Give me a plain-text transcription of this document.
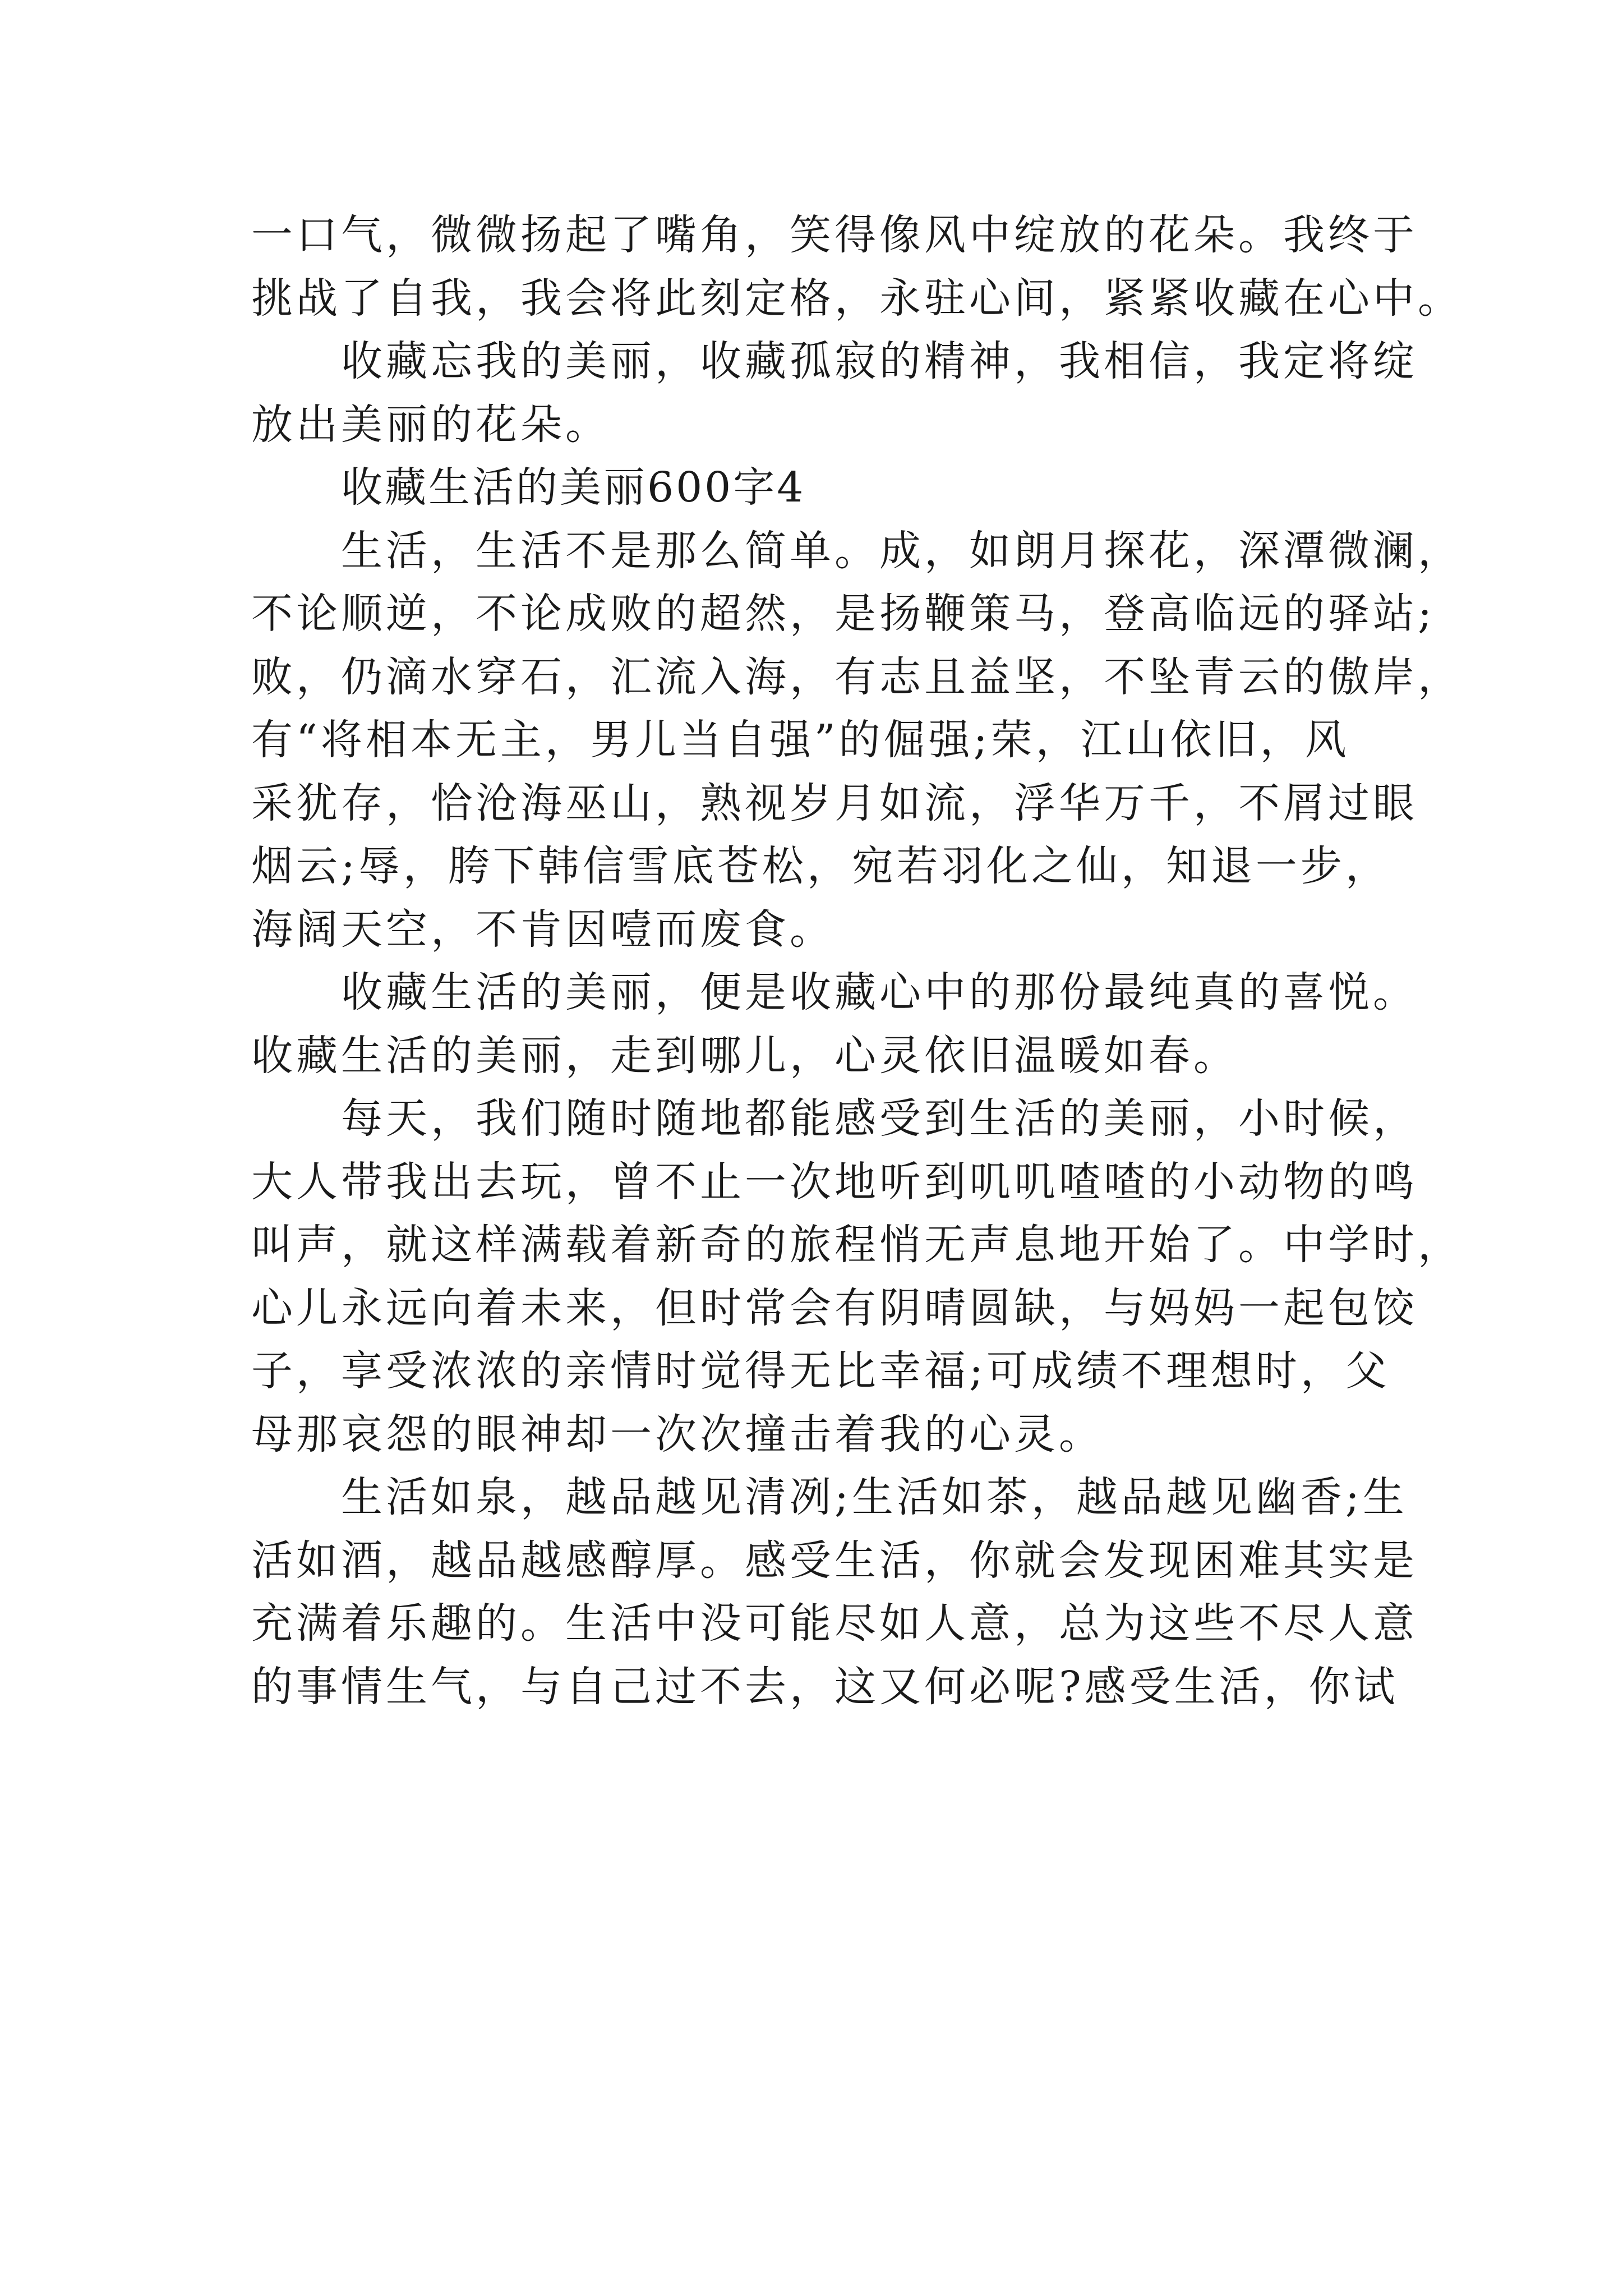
一口气，微微扬起了嘴角，笑得像风中绽放的花朵。我终于
挑战了自我，我会将此刻定格，永驻心间，紧紧收藏在心中。
收藏忘我的美丽，收藏孤寂的精神，我相信，我定将绽
放出美丽的花朵。
收藏生活的美丽600字4
生活，生活不是那么简单。成，如朗月探花，深潭微澜，
不论顺逆，不论成败的超然，是扬鞭策马，登高临远的驿站;
败，仍滴水穿石，汇流入海，有志且益坚，不坠青云的傲岸，
有“将相本无主，男儿当自强”的倔强;荣，江山依旧，风
采犹存，恰沧海巫山，熟视岁月如流，浮华万千，不屑过眼
烟云;辱，胯下韩信雪底苍松，宛若羽化之仙，知退一步，
海阔天空，不肯因噎而废食。
收藏生活的美丽，便是收藏心中的那份最纯真的喜悦。
收藏生活的美丽，走到哪儿，心灵依旧温暖如春。
每天，我们随时随地都能感受到生活的美丽，小时候，
大人带我出去玩，曾不止一次地听到叽叽喳喳的小动物的鸣
叫声，就这样满载着新奇的旅程悄无声息地开始了。中学时，
心儿永远向着未来，但时常会有阴晴圆缺，与妈妈一起包饺
子，享受浓浓的亲情时觉得无比幸福;可成绩不理想时，父
母那哀怨的眼神却一次次撞击着我的心灵。
生活如泉，越品越见清冽;生活如茶，越品越见幽香;生
活如酒，越品越感醇厚。感受生活，你就会发现困难其实是
充满着乐趣的。生活中没可能尽如人意，总为这些不尽人意
的事情生气，与自己过不去，这又何必呢?感受生活，你试
